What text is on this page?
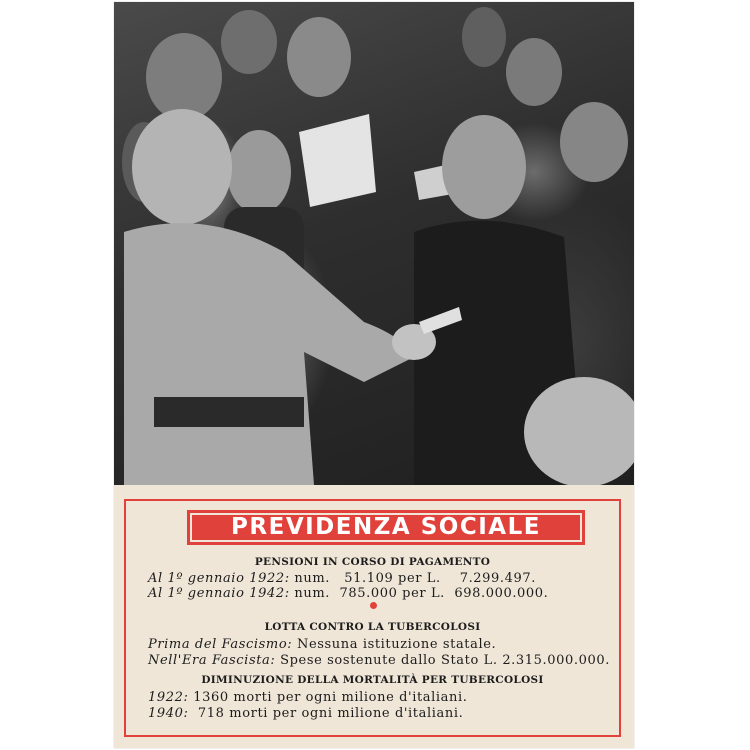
PREVIDENZA SOCIALE
PENSIONI IN CORSO DI PAGAMENTO
Al 1º gennaio 1922: num.   51.109 per L.    7.299.497.
Al 1º gennaio 1942: num.  785.000 per L.  698.000.000.
LOTTA CONTRO LA TUBERCOLOSI
Prima del Fascismo: Nessuna istituzione statale.
Nell'Era Fascista: Spese sostenute dallo Stato L. 2.315.000.000.
DIMINUZIONE DELLA MORTALITÀ PER TUBERCOLOSI
1922: 1360 morti per ogni milione d'italiani.
1940:  718 morti per ogni milione d'italiani.
